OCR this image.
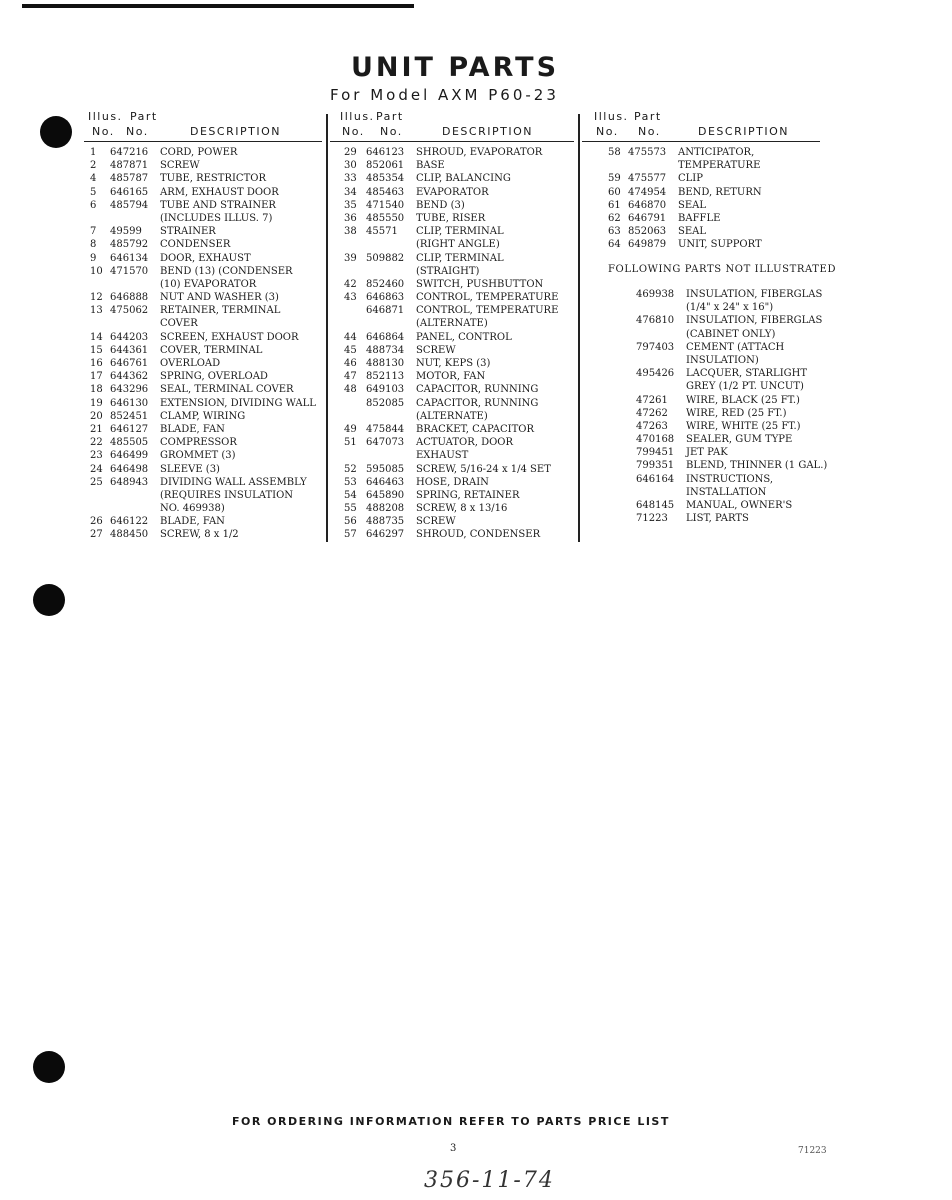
UNIT PARTS
For Model AXM P60-23
Illus. Part
No. No.	DESCRIPTION
1	647216 CORD, POWER
2	487871 SCREW
4	485787 TUBE, RESTRICTOR
5	646165 ARM, EXHAUST DOOR
6	485794 TUBE AND STRAINER
(INCLUDES ILLUS. 7)
7	49599 STRAINER
8	485792 CONDENSER
9	646134 DOOR, EXHAUST
10 471570 BEND (13) (CONDENSER
(10) EVAPORATOR
12 646888 NUT AND WASHER (3)
13 475062 RETAINER, TERMINAL
COVER
14 644203 SCREEN, EXHAUST DOOR
15 644361 COVER, TERMINAL
16 646761 OVERLOAD
17 644362 SPRING, OVERLOAD
18 643296 SEAL, TERMINAL COVER
19 646130 EXTENSION, DIVIDING WALL
20 852451 CLAMP, WIRING
21 646127 BLADE, FAN
22 485505 COMPRESSOR
23 646499 GROMMET (3)
24 646498 SLEEVE (3)
25 648943 DIVIDING WALL ASSEMBLY
(REQUIRES INSULATION
NO. 469938)
26 646122 BLADE, FAN
27 488450 SCREW, 8 x 1/2
Illus. Part
No. No.	DESCRIPTION
29 646123 SHROUD, EVAPORATOR
30 852061 BASE
33 485354 CLIP, BALANCING
34 485463 EVAPORATOR
35 471540 BEND (3)
36 485550 TUBE, RISER
38 45571 CLIP, TERMINAL
(RIGHT ANGLE)
39 509882 CLIP, TERMINAL
(STRAIGHT)
42 852460 SWITCH, PUSHBUTTON
43 646863 CONTROL, TEMPERATURE
646871 CONTROL, TEMPERATURE
(ALTERNATE)
44 646864 PANEL, CONTROL
45 488734 SCREW
46 488130 NUT, KEPS (3)
47 852113 MOTOR, FAN
48 649103 CAPACITOR, RUNNING
852085 CAPACITOR, RUNNING
(ALTERNATE)
49 475844 BRACKET, CAPACITOR
51 647073 ACTUATOR, DOOR
EXHAUST
52 595085 SCREW, 5/16-24 x 1/4 SET
53 646463 HOSE, DRAIN
54 645890 SPRING, RETAINER
55 488208 SCREW, 8 x 13/16
56 488735 SCREW
57 646297 SHROUD, CONDENSER
Illus. Part
No. No.	DESCRIPTION
58 475573 ANTICIPATOR,
TEMPERATURE
59 475577 CLIP
60 474954 BEND, RETURN
61 646870 SEAL
62 646791 BAFFLE
63 852063 SEAL
64 649879 UNIT, SUPPORT
FOLLOWING PARTS NOT ILLUSTRATED
469938 INSULATION, FIBERGLAS
(1/4" x 24" x 16")
476810 INSULATION, FIBERGLAS
(CABINET ONLY)
797403 CEMENT (ATTACH
INSULATION)
495426 LACQUER, STARLIGHT
GREY (1/2 PT. UNCUT)
47261 WIRE, BLACK (25 FT.)
47262 WIRE, RED (25 FT.)
47263 WIRE, WHITE (25 FT.)
470168 SEALER, GUM TYPE
799451 JET PAK
799351 BLEND, THINNER (1 GAL.)
646164 INSTRUCTIONS,
INSTALLATION
648145 MANUAL, OWNER'S
71223 LIST, PARTS
FOR ORDERING INFORMATION REFER TO PARTS PRICE LIST
3	71223
356-11-74
